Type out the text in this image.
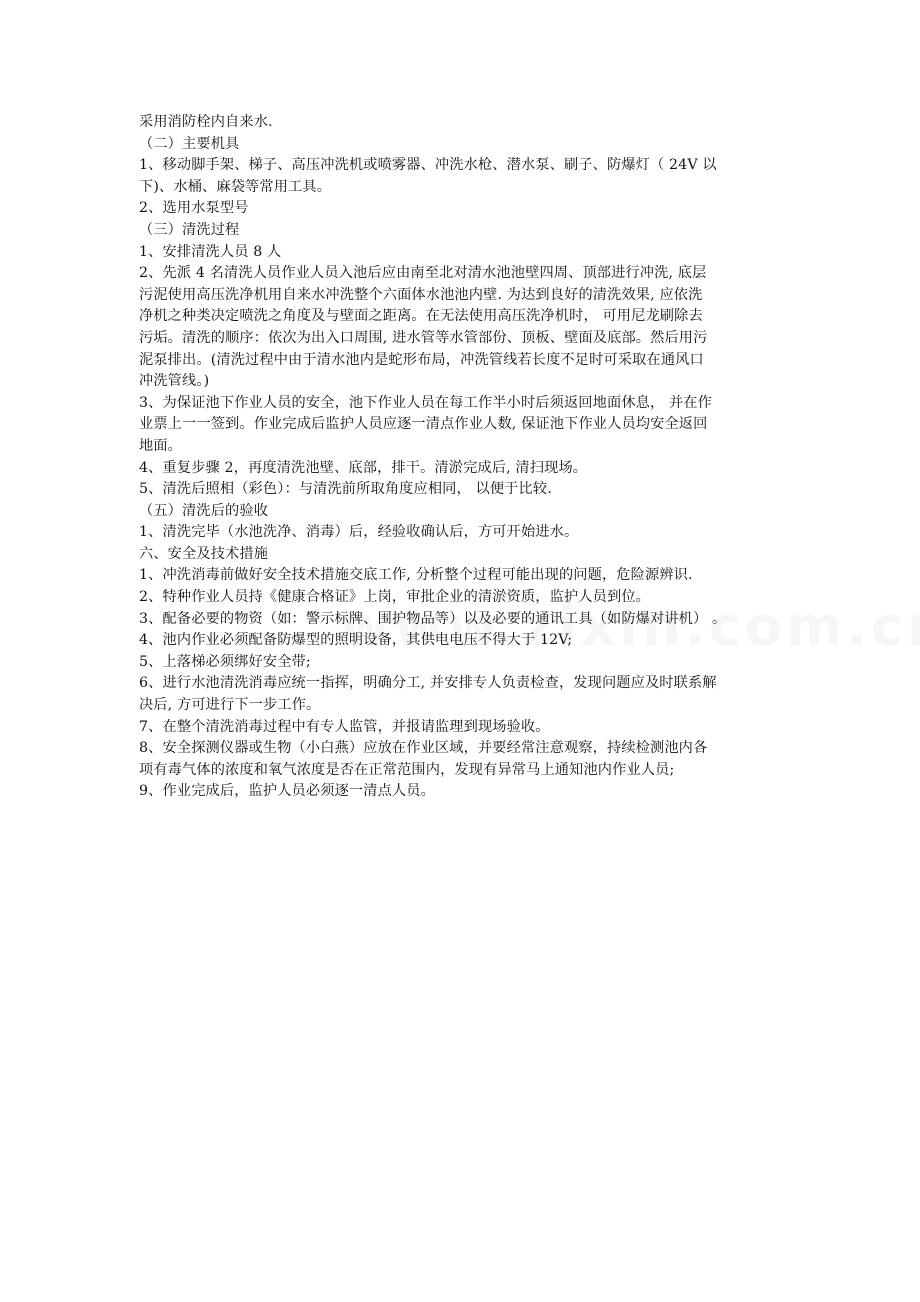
采用消防栓内自来水.
（二）主要机具
1、移动脚手架、梯子、高压冲洗机或喷雾器、冲洗水枪、潜水泵、刷子、防爆灯（ 24V 以
下)、水桶、麻袋等常用工具。
2、选用水泵型号
（三）清洗过程
1、安排清洗人员 8 人
2、先派 4 名清洗人员作业人员入池后应由南至北对清水池池壁四周、顶部进行冲洗, 底层
污泥使用高压洗净机用自来水冲洗整个六面体水池池内壁. 为达到良好的清洗效果, 应依洗
净机之种类决定喷洗之角度及与壁面之距离。在无法使用高压洗净机时， 可用尼龙刷除去
污垢。清洗的顺序：依次为出入口周围, 进水管等水管部份、顶板、壁面及底部。然后用污
泥泵排出。(清洗过程中由于清水池内是蛇形布局，冲洗管线若长度不足时可采取在通风口
冲洗管线。)
3、为保证池下作业人员的安全，池下作业人员在每工作半小时后须返回地面休息， 并在作
业票上一一签到。作业完成后监护人员应逐一清点作业人数, 保证池下作业人员均安全返回
地面。
4、重复步骤 2，再度清洗池壁、底部，排干。清淤完成后, 清扫现场。
5、清洗后照相（彩色）：与清洗前所取角度应相同， 以便于比较.
（五）清洗后的验收
1、清洗完毕（水池洗净、消毒）后，经验收确认后，方可开始进水。
六、安全及技术措施
1、冲洗消毒前做好安全技术措施交底工作, 分析整个过程可能出现的问题，危险源辨识.
2、特种作业人员持《健康合格证》上岗，审批企业的清淤资质，监护人员到位。
3、配备必要的物资（如：警示标牌、围护物品等）以及必要的通讯工具（如防爆对讲机） 。
4、池内作业必须配备防爆型的照明设备，其供电电压不得大于 12V;
5、上落梯必须绑好安全带;
6、进行水池清洗消毒应统一指挥，明确分工, 并安排专人负责检查，发现问题应及时联系解
决后, 方可进行下一步工作。
7、在整个清洗消毒过程中有专人监管，并报请监理到现场验收。
8、安全探测仪器或生物（小白燕）应放在作业区域，并要经常注意观察，持续检测池内各
项有毒气体的浓度和氧气浓度是否在正常范围内，发现有异常马上通知池内作业人员;
9、作业完成后，监护人员必须逐一清点人员。
